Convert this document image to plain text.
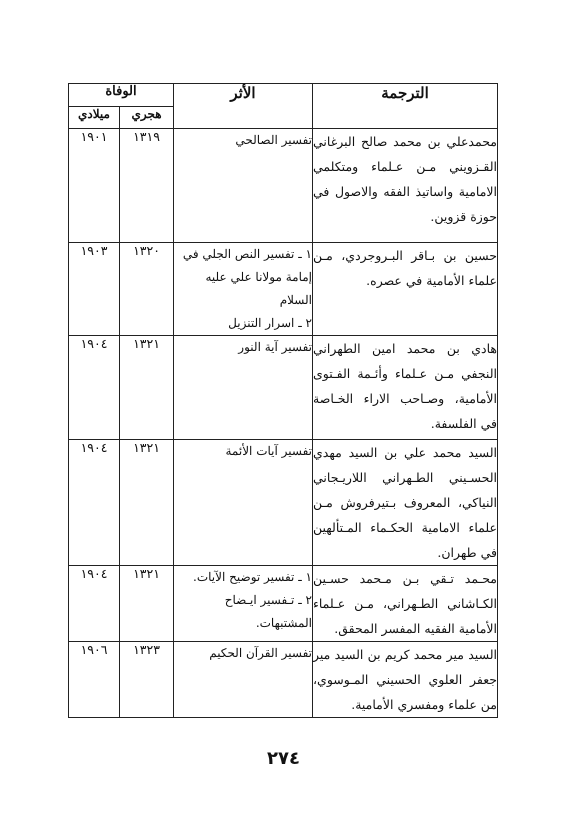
الترجمة	الأثر	الوفاة	
		هجري	ميلادي

محمدعلي بن محمد صالح البرغاني
القـزويني مـن عـلماء ومتكلمي
الامامية واساتيذ الفقه والاصول في
حوزة قزوين.	تفسير الصالحي	١٣١٩	١٩٠١

حسين بن بـاقر البـروجردي، مـن
علماء الأمامية في عصره.	١ ـ تفسير النص الجلي في
إمامة مولانا علي عليه السلام
٢ ـ اسرار التنزيل	١٣٢٠	١٩٠٣

هادي بن محمد امين الطهراني
النجفي مـن عـلماء وأئـمة الفـتوى
الأمامية، وصـاحب الاراء الخـاصة
في الفلسفة.	تفسير آية النور	١٣٢١	١٩٠٤

السيد محمد علي بن السيد مهدي
الحسـيني الطـهراني اللاريـجاني
النياكي، المعروف بـتيرفروش مـن
علماء الامامية الحكـماء المـتألهين
في طهران.	تفسير آيات الأئمة	١٣٢١	١٩٠٤

محـمد تـقي بـن مـحمد حسـين
الكـاشاني الطـهراني، مـن عـلماء
الأمامية الفقيه المفسر المحقق.	١ ـ تفسير توضيح الآيات.
٢ ـ تـفسير ايـضاح
المشتبهات.	١٣٢١	١٩٠٤

السيد مير محمد كريم بن السيد مير
جعفر العلوي الحسيني المـوسوي،
من علماء ومفسري الأمامية.	تفسير القرآن الحكيم	١٣٢٣	١٩٠٦
٢٧٤
